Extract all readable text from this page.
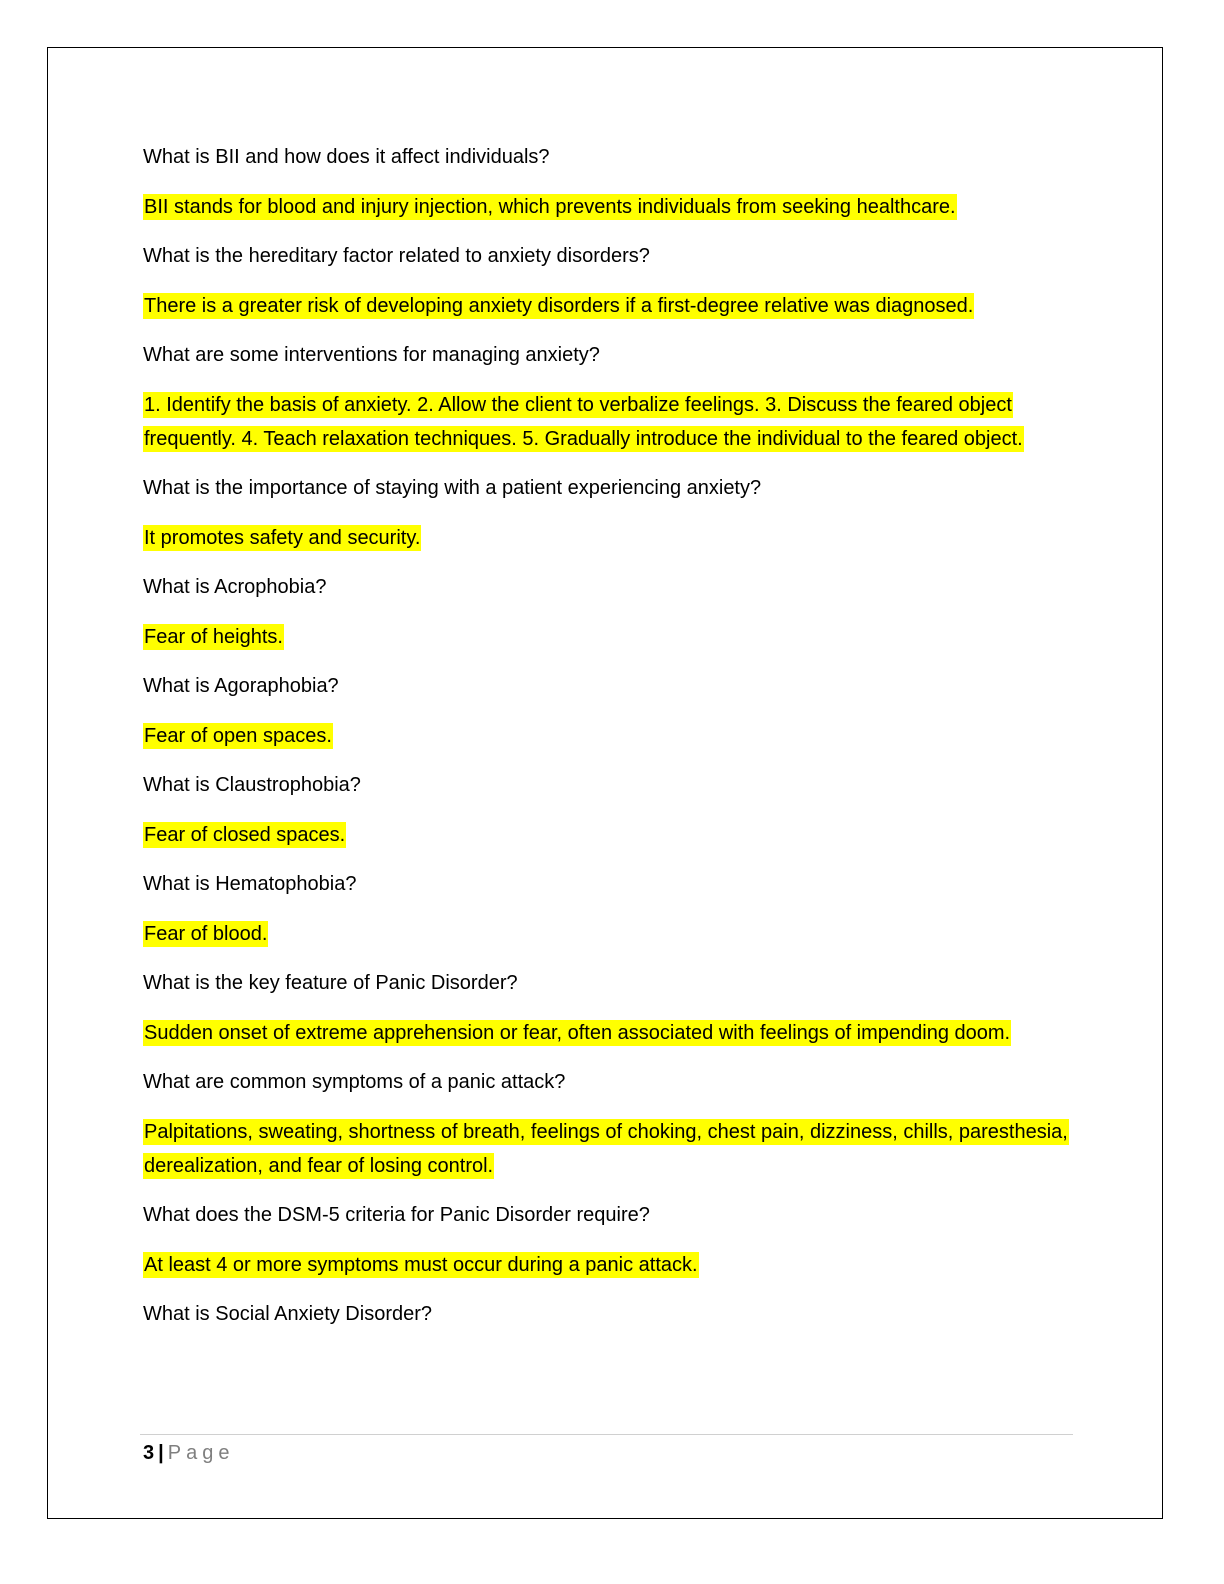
What is BII and how does it affect individuals?

BII stands for blood and injury injection, which prevents individuals from seeking healthcare.

What is the hereditary factor related to anxiety disorders?

There is a greater risk of developing anxiety disorders if a first-degree relative was diagnosed.

What are some interventions for managing anxiety?

1. Identify the basis of anxiety. 2. Allow the client to verbalize feelings. 3. Discuss the feared object frequently. 4. Teach relaxation techniques. 5. Gradually introduce the individual to the feared object.

What is the importance of staying with a patient experiencing anxiety?

It promotes safety and security.

What is Acrophobia?

Fear of heights.

What is Agoraphobia?

Fear of open spaces.

What is Claustrophobia?

Fear of closed spaces.

What is Hematophobia?

Fear of blood.

What is the key feature of Panic Disorder?

Sudden onset of extreme apprehension or fear, often associated with feelings of impending doom.

What are common symptoms of a panic attack?

Palpitations, sweating, shortness of breath, feelings of choking, chest pain, dizziness, chills, paresthesia, derealization, and fear of losing control.

What does the DSM-5 criteria for Panic Disorder require?

At least 4 or more symptoms must occur during a panic attack.

What is Social Anxiety Disorder?

3 | Page
